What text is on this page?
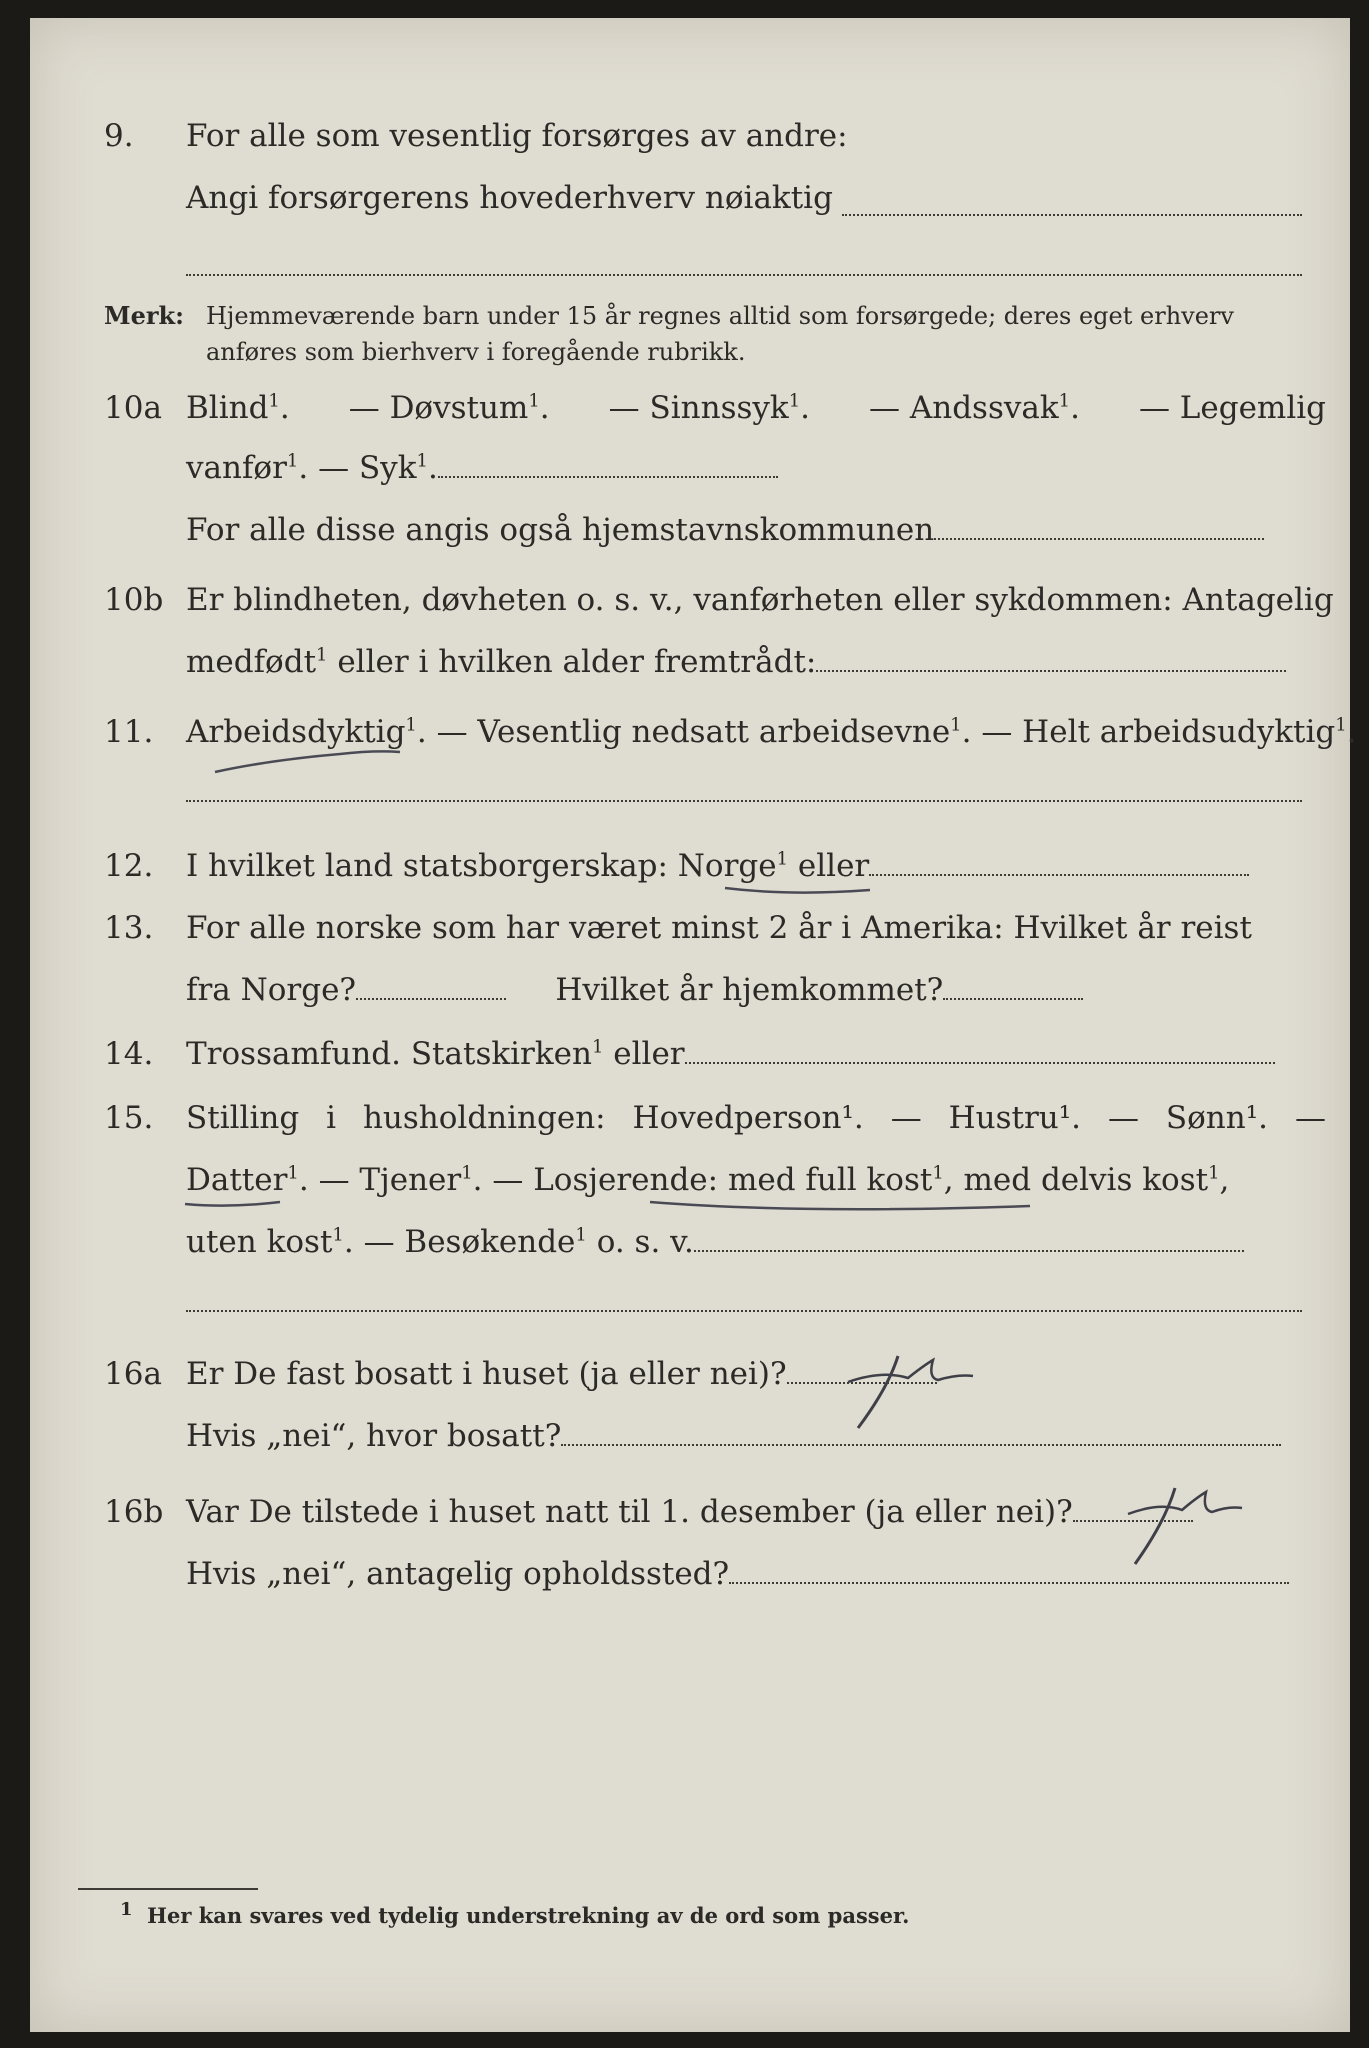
9. For alle som vesentlig forsørges av andre:
Angi forsørgerens hovederhverv nøiaktig
Merk: Hjemmeværende barn under 15 år regnes alltid som forsørgede; deres eget erhverv
anføres som bierhverv i foregående rubrikk.
10a Blind$^1$. — Døvstum$^1$. — Sinnssyk$^1$. — Andssvak$^1$. — Legemlig
vanfør$^1$. — Syk$^1$.
For alle disse angis også hjemstavnskommunen
10b Er blindheten, døvheten o. s. v., vanførheten eller sykdommen: Antagelig
medfødt$^1$ eller i hvilken alder fremtrådt:
11. Arbeidsdyktig$^1$. — Vesentlig nedsatt arbeidsevne$^1$. — Helt arbeidsudyktig$^1$.
12. I hvilket land statsborgerskap: Norge$^1$ eller
13. For alle norske som har været minst 2 år i Amerika: Hvilket år reist
fra Norge?	Hvilket år hjemkommet?
14. Trossamfund. Statskirken$^1$ eller
15. Stilling i husholdningen: Hovedperson¹. — Hustru¹. — Sønn¹. —
Datter$^1$. — Tjener$^1$. — Losjerende: med full kost$^1$, med delvis kost$^1$,
uten kost$^1$. — Besøkende$^1$ o. s. v.
16a Er De fast bosatt i huset (ja eller nei)?
Hvis „nei“, hvor bosatt?
16b Var De tilstede i huset natt til 1. desember (ja eller nei)?
Hvis „nei“, antagelig opholdssted?
1 Her kan svares ved tydelig understrekning av de ord som passer.
